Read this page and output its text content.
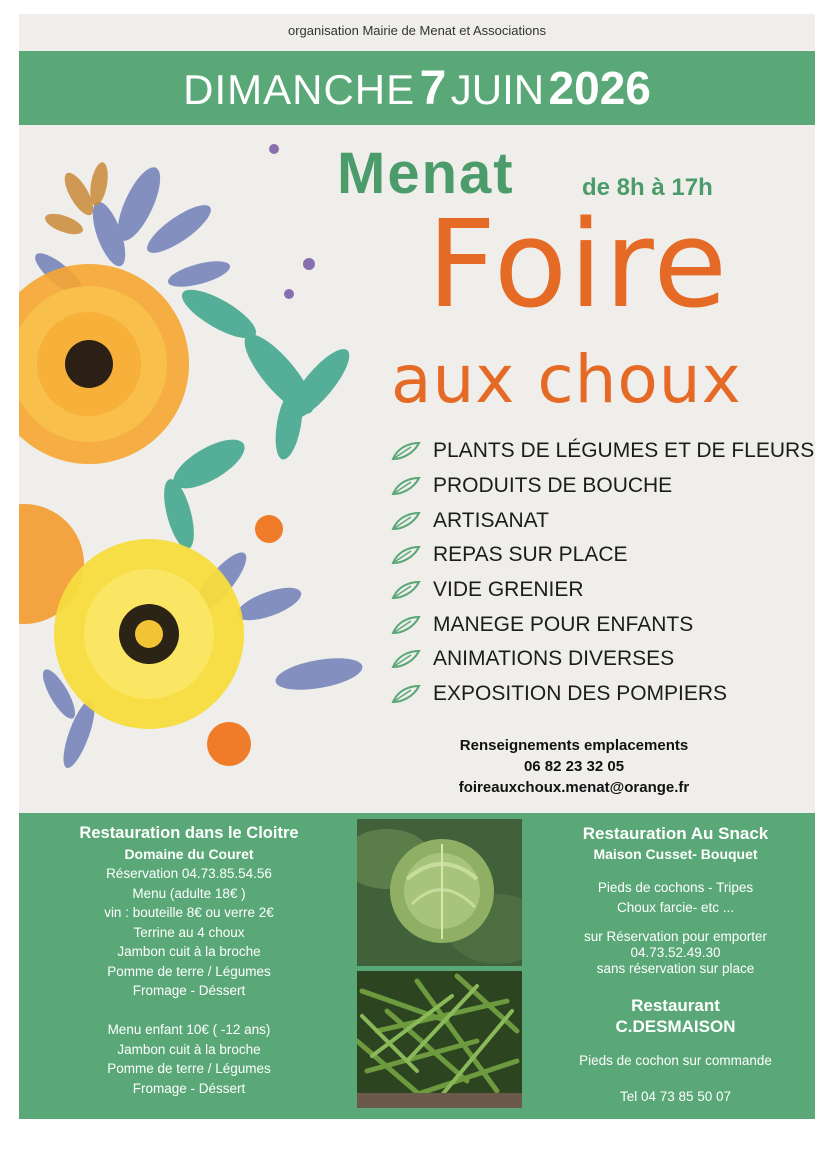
organisation Mairie de Menat et Associations
DIMANCHE 7 JUIN 2026
Menat	de 8h à 17h
Foire
aux choux
PLANTS DE LÉGUMES ET DE FLEURS
PRODUITS DE BOUCHE
ARTISANAT
REPAS SUR PLACE
VIDE GRENIER
MANEGE POUR ENFANTS
ANIMATIONS DIVERSES
EXPOSITION DES POMPIERS
Renseignements emplacements
06 82 23 32 05
foireauxchoux.menat@orange.fr
Restauration dans le Cloitre
Domaine du Couret
Réservation 04.73.85.54.56
Menu (adulte 18€ )
vin : bouteille 8€ ou verre 2€
Terrine au 4 choux
Jambon cuit à la broche
Pomme de terre / Légumes
Fromage - Déssert
Menu enfant 10€ ( -12 ans)
Jambon cuit à la broche
Pomme de terre / Légumes
Fromage - Déssert
Restauration Au Snack
Maison Cusset- Bouquet
Pieds de cochons - Tripes
Choux farcie- etc ...
sur Réservation pour emporter
04.73.52.49.30
sans réservation sur place
Restaurant
C.DESMAISON
Pieds de cochon sur commande
Tel 04 73 85 50 07
